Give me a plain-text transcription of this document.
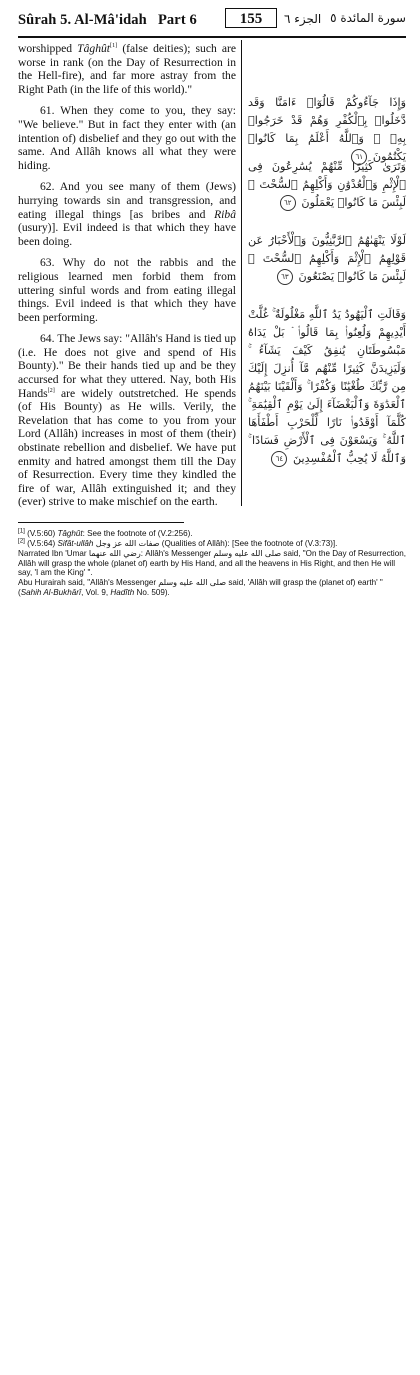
Sûrah 5. Al-Mâ'idah   Part 6	155	الجزء ٦ سورة المائدة ٥

worshipped Tâghût[1] (false deities); such are worse in rank (on the Day of Resurrection in the Hell-fire), and far more astray from the Right Path (in the life of this world)."

61. When they come to you, they say: "We believe." But in fact they enter with (an intention of) disbelief and they go out with the same. And Allâh knows all what they were hiding.

62. And you see many of them (Jews) hurrying towards sin and transgression, and eating illegal things [as bribes and Ribâ (usury)]. Evil indeed is that which they have been doing.

63. Why do not the rabbis and the religious learned men forbid them from uttering sinful words and from eating illegal things. Evil indeed is that which they have been performing.

64. The Jews say: "Allâh's Hand is tied up (i.e. He does not give and spend of His Bounty)." Be their hands tied up and be they accursed for what they uttered. Nay, both His Hands[2] are widely outstretched. He spends (of His Bounty) as He wills. Verily, the Revelation that has come to you from your Lord (Allâh) increases in most of them (their) obstinate rebellion and disbelief. We have put enmity and hatred amongst them till the Day of Resurrection. Every time they kindled the fire of war, Allâh extinguished it; and they (ever) strive to make mischief on the earth.

وَإِذَا جَآءُوكُمْ قَالُوٓا۟ ءَامَنَّا وَقَد دَّخَلُوا۟ بِٱلْكُفْرِ وَهُمْ قَدْ خَرَجُوا۟ بِهِۦ ۚ وَٱللَّهُ أَعْلَمُ بِمَا كَانُوا۟ يَكْتُمُونَ ٦١
وَتَرَىٰ كَثِيرًا مِّنْهُمْ يُسَٰرِعُونَ فِى ٱلْإِثْمِ وَٱلْعُدْوَٰنِ وَأَكْلِهِمُ ٱلسُّحْتَ ۚ لَبِئْسَ مَا كَانُوا۟ يَعْمَلُونَ ٦٢
لَوْلَا يَنْهَىٰهُمُ ٱلرَّبَّٰنِيُّونَ وَٱلْأَحْبَارُ عَن قَوْلِهِمُ ٱلْإِثْمَ وَأَكْلِهِمُ ٱلسُّحْتَ ۚ لَبِئْسَ مَا كَانُوا۟ يَصْنَعُونَ ٦٣
وَقَالَتِ ٱلْيَهُودُ يَدُ ٱللَّهِ مَغْلُولَةٌ ۚ غُلَّتْ أَيْدِيهِمْ وَلُعِنُوا۟ بِمَا قَالُوا۟ ۘ بَلْ يَدَاهُ مَبْسُوطَتَانِ يُنفِقُ كَيْفَ يَشَآءُ ۚ وَلَيَزِيدَنَّ كَثِيرًا مِّنْهُم مَّآ أُنزِلَ إِلَيْكَ مِن رَّبِّكَ طُغْيَٰنًا وَكُفْرًا ۚ وَأَلْقَيْنَا بَيْنَهُمُ ٱلْعَدَٰوَةَ وَٱلْبَغْضَآءَ إِلَىٰ يَوْمِ ٱلْقِيَٰمَةِ ۚ كُلَّمَآ أَوْقَدُوا۟ نَارًا لِّلْحَرْبِ أَطْفَأَهَا ٱللَّهُ ۚ وَيَسْعَوْنَ فِى ٱلْأَرْضِ فَسَادًا ۚ وَٱللَّهُ لَا يُحِبُّ ٱلْمُفْسِدِينَ ٦٤

[1] (V.5:60) Tâghût: See the footnote of (V.2:256).

[2] (V.5:64) Sifât-ullâh صفات الله عز وجل (Qualities of Allâh): [See the footnote of (V.3:73)].

Narrated Ibn 'Umar رضي الله عنهما: Allâh's Messenger صلى الله عليه وسلم said, "On the Day of Resurrection, Allâh will grasp the whole (planet of) earth by His Hand, and all the heavens in His Right, and then He will say, 'I am the King' ".

Abu Hurairah said, "Allâh's Messenger صلى الله عليه وسلم said, 'Allâh will grasp the (planet of) earth' " (Sahih Al-Bukhârî, Vol. 9, Hadîth No. 509).
